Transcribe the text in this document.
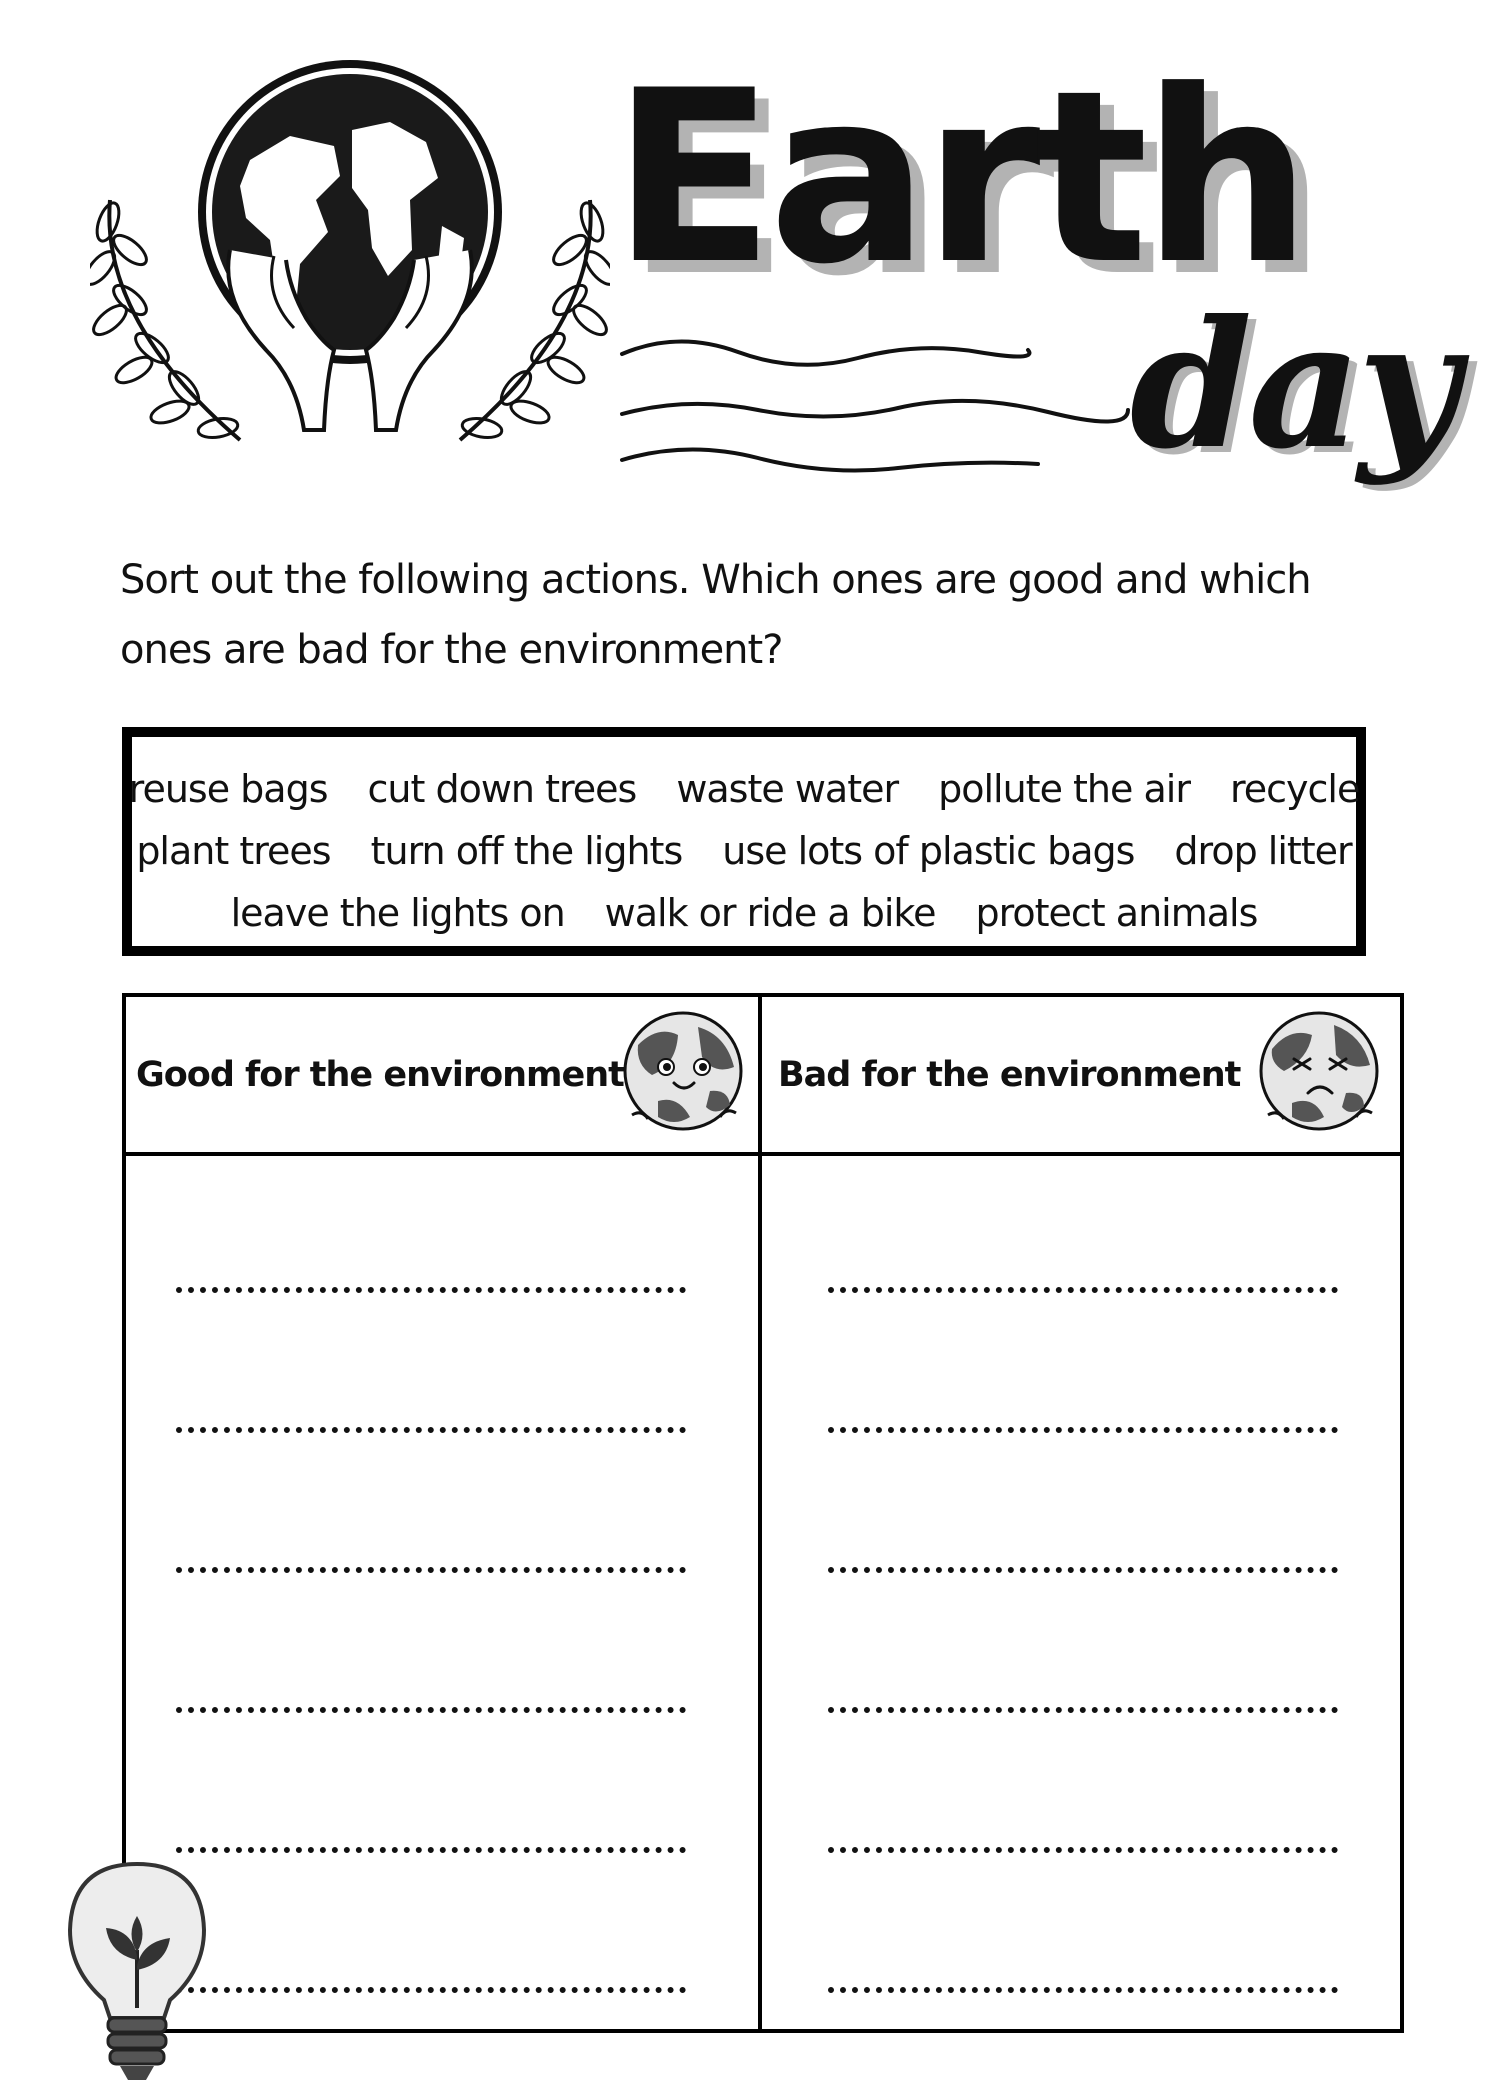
Earth
day

Sort out the following actions. Which ones are good and which ones are bad for the environment?

reuse bags cut down trees waste water pollute the air recycle
plant trees turn off the lights use lots of plastic bags drop litter
leave the lights on walk or ride a bike protect animals
Good for the environment	Bad for the environment
